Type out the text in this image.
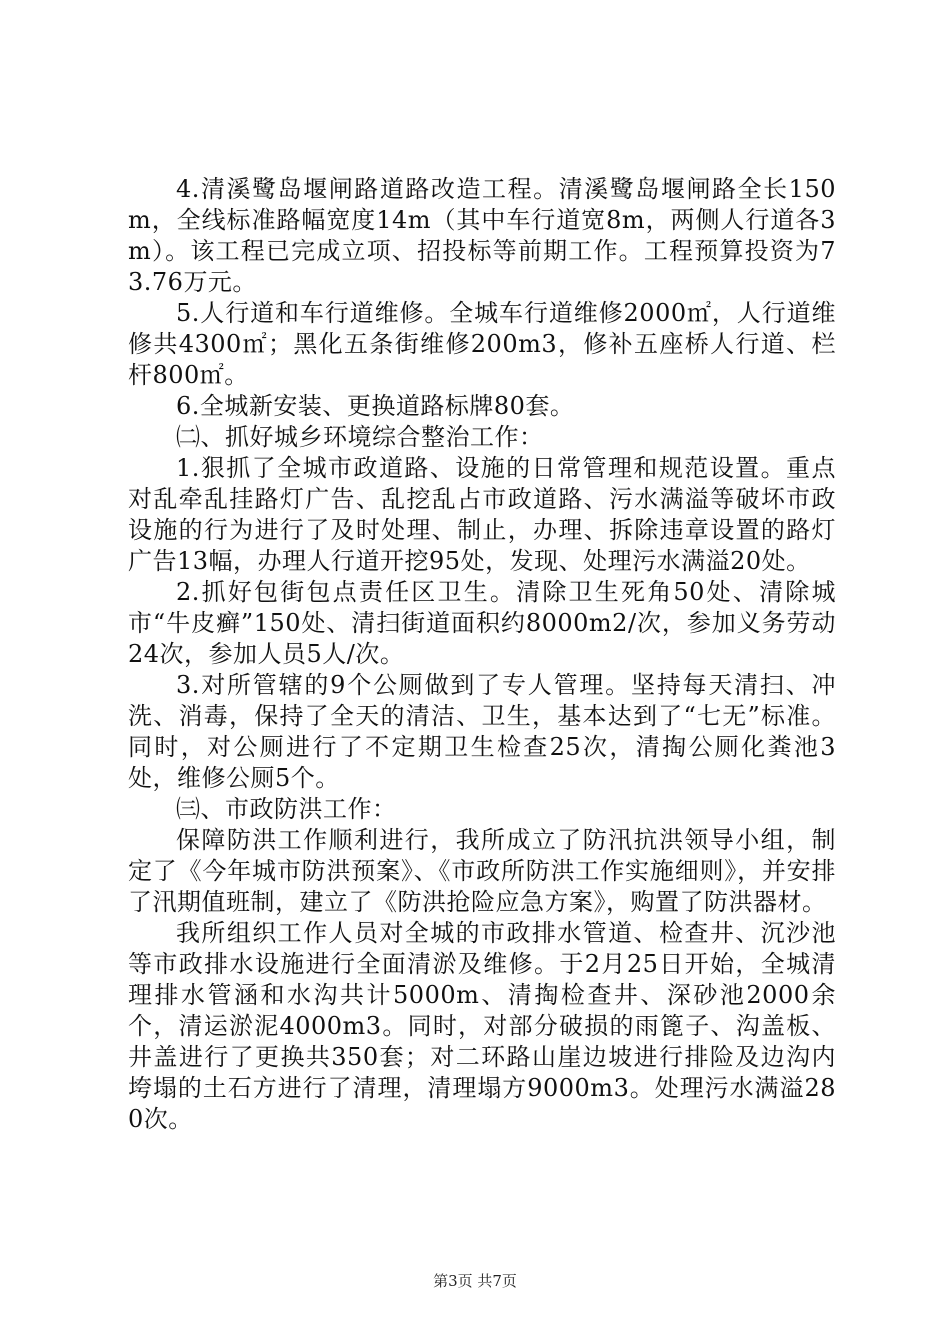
4.清溪鹭岛堰闸路道路改造工程。清溪鹭岛堰闸路全长150m，全线标准路幅宽度14m（其中车行道宽8m，两侧人行道各3m）。该工程已完成立项、招投标等前期工作。工程预算投资为73.76万元。

5.人行道和车行道维修。全城车行道维修2000㎡，人行道维修共4300㎡；黑化五条街维修200m3，修补五座桥人行道、栏杆800㎡。

6.全城新安装、更换道路标牌80套。

㈡、抓好城乡环境综合整治工作：

1.狠抓了全城市政道路、设施的日常管理和规范设置。重点对乱牵乱挂路灯广告、乱挖乱占市政道路、污水满溢等破坏市政设施的行为进行了及时处理、制止，办理、拆除违章设置的路灯广告13幅，办理人行道开挖95处，发现、处理污水满溢20处。

2.抓好包街包点责任区卫生。清除卫生死角50处、清除城市“牛皮癣”150处、清扫街道面积约8000m2/次，参加义务劳动24次，参加人员5人/次。

3.对所管辖的9个公厕做到了专人管理。坚持每天清扫、冲洗、消毒，保持了全天的清洁、卫生，基本达到了“七无”标准。同时，对公厕进行了不定期卫生检查25次，清掏公厕化粪池3处，维修公厕5个。

㈢、市政防洪工作：

保障防洪工作顺利进行，我所成立了防汛抗洪领导小组，制定了《今年城市防洪预案》、《市政所防洪工作实施细则》，并安排了汛期值班制，建立了《防洪抢险应急方案》，购置了防洪器材。

我所组织工作人员对全城的市政排水管道、检查井、沉沙池等市政排水设施进行全面清淤及维修。于2月25日开始，全城清理排水管涵和水沟共计5000m、清掏检查井、深砂池2000余个，清运淤泥4000m3。同时，对部分破损的雨篦子、沟盖板、井盖进行了更换共350套；对二环路山崖边坡进行排险及边沟内垮塌的土石方进行了清理，清理塌方9000m3。处理污水满溢280次。

第3页 共7页
